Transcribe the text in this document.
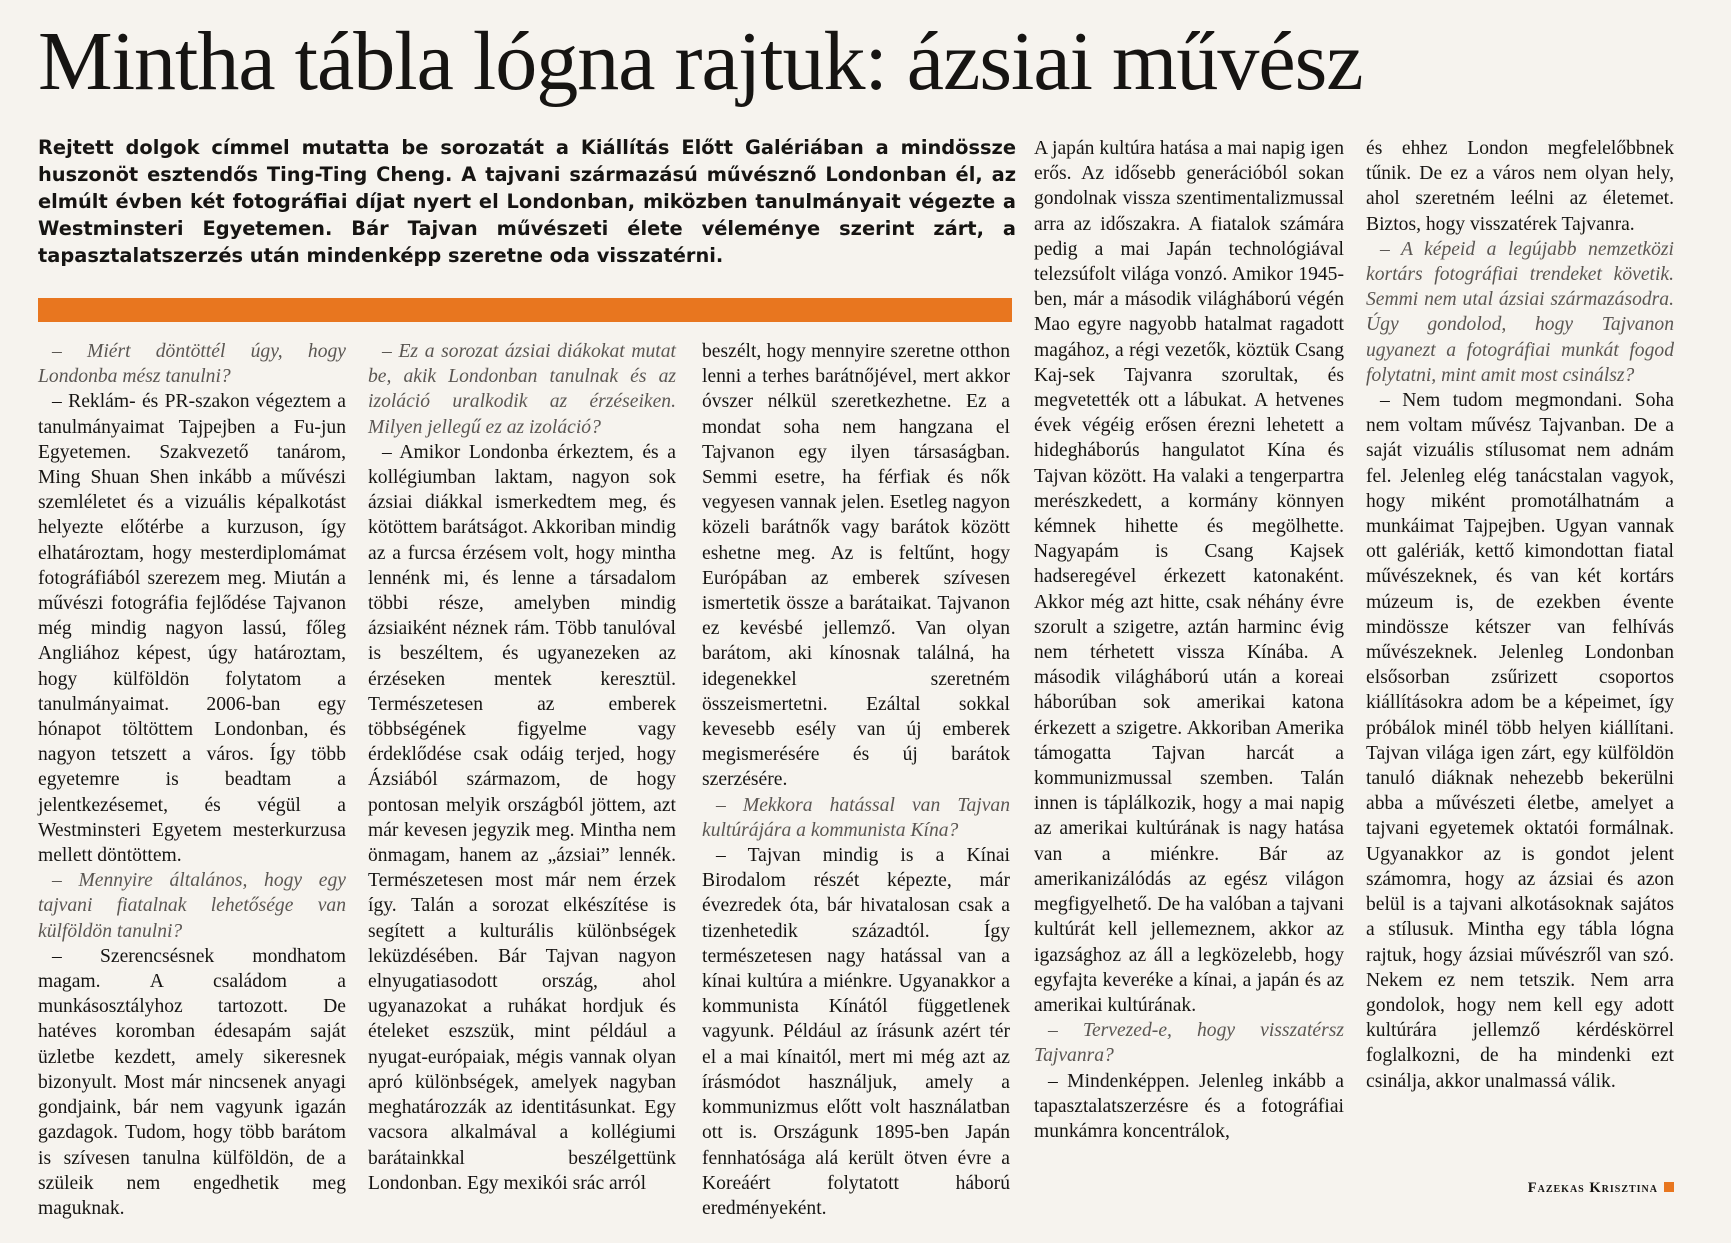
Mintha tábla lógna rajtuk: ázsiai művész

Rejtett dolgok címmel mutatta be sorozatát a Kiállítás Előtt Galériában a mindössze huszonöt esztendős Ting-Ting Cheng. A tajvani származású művésznő Londonban él, az elmúlt évben két fotográfiai díjat nyert el Londonban, miközben tanulmányait végezte a Westminsteri Egyetemen. Bár Tajvan művészeti élete véleménye szerint zárt, a tapasztalatszerzés után mindenképp szeretne oda visszatérni.

– Miért döntöttél úgy, hogy Londonba mész tanulni?

– Reklám- és PR-szakon végeztem a tanulmányaimat Tajpejben a Fu-jun Egyetemen. Szakvezető tanárom, Ming Shuan Shen inkább a művészi szemléletet és a vizuális képalkotást helyezte előtérbe a kurzuson, így elhatároztam, hogy mesterdiplomámat fotográfiából szerezem meg. Miután a művészi fotográfia fejlődése Tajvanon még mindig nagyon lassú, főleg Angliához képest, úgy határoztam, hogy külföldön folytatom a tanulmányaimat. 2006-ban egy hónapot töltöttem Londonban, és nagyon tetszett a város. Így több egyetemre is beadtam a jelentkezésemet, és végül a Westminsteri Egyetem mesterkurzusa mellett döntöttem.

– Mennyire általános, hogy egy tajvani fiatalnak lehetősége van külföldön tanulni?

– Szerencsésnek mondhatom magam. A családom a munkásosztályhoz tartozott. De hatéves koromban édesapám saját üzletbe kezdett, amely sikeresnek bizonyult. Most már nincsenek anyagi gondjaink, bár nem vagyunk igazán gazdagok. Tudom, hogy több barátom is szívesen tanulna külföldön, de a szüleik nem engedhetik meg maguknak.

– Ez a sorozat ázsiai diákokat mutat be, akik Londonban tanulnak és az izoláció uralkodik az érzéseiken. Milyen jellegű ez az izoláció?

– Amikor Londonba érkeztem, és a kollégiumban laktam, nagyon sok ázsiai diákkal ismerkedtem meg, és kötöttem barátságot. Akkoriban mindig az a furcsa érzésem volt, hogy mintha lennénk mi, és lenne a társadalom többi része, amelyben mindig ázsiaiként néznek rám. Több tanulóval is beszéltem, és ugyanezeken az érzéseken mentek keresztül. Természetesen az emberek többségének figyelme vagy érdeklődése csak odáig terjed, hogy Ázsiából származom, de hogy pontosan melyik országból jöttem, azt már kevesen jegyzik meg. Mintha nem önmagam, hanem az „ázsiai” lennék. Természetesen most már nem érzek így. Talán a sorozat elkészítése is segített a kulturális különbségek leküzdésében. Bár Tajvan nagyon elnyugatiasodott ország, ahol ugyanazokat a ruhákat hordjuk és ételeket eszszük, mint például a nyugat-európaiak, mégis vannak olyan apró különbségek, amelyek nagyban meghatározzák az identitásunkat. Egy vacsora alkalmával a kollégiumi barátainkkal beszélgettünk Londonban. Egy mexikói srác arról

beszélt, hogy mennyire szeretne otthon lenni a terhes barátnőjével, mert akkor óvszer nélkül szeretkezhetne. Ez a mondat soha nem hangzana el Tajvanon egy ilyen társaságban. Semmi esetre, ha férfiak és nők vegyesen vannak jelen. Esetleg nagyon közeli barátnők vagy barátok között eshetne meg. Az is feltűnt, hogy Európában az emberek szívesen ismertetik össze a barátaikat. Tajvanon ez kevésbé jellemző. Van olyan barátom, aki kínosnak találná, ha idegenekkel szeretném összeismertetni. Ezáltal sokkal kevesebb esély van új emberek megismerésére és új barátok szerzésére.

– Mekkora hatással van Tajvan kultúrájára a kommunista Kína?

– Tajvan mindig is a Kínai Birodalom részét képezte, már évezredek óta, bár hivatalosan csak a tizenhetedik századtól. Így természetesen nagy hatással van a kínai kultúra a miénkre. Ugyanakkor a kommunista Kínától függetlenek vagyunk. Például az írásunk azért tér el a mai kínaitól, mert mi még azt az írásmódot használjuk, amely a kommunizmus előtt volt használatban ott is. Országunk 1895-ben Japán fennhatósága alá került ötven évre a Koreáért folytatott háború eredményeként.

A japán kultúra hatása a mai napig igen erős. Az idősebb generációból sokan gondolnak vissza szentimentalizmussal arra az időszakra. A fiatalok számára pedig a mai Japán technológiával telezsúfolt világa vonzó. Amikor 1945-ben, már a második világháború végén Mao egyre nagyobb hatalmat ragadott magához, a régi vezetők, köztük Csang Kaj-sek Tajvanra szorultak, és megvetették ott a lábukat. A hetvenes évek végéig erősen érezni lehetett a hidegháborús hangulatot Kína és Tajvan között. Ha valaki a tengerpartra merészkedett, a kormány könnyen kémnek hihette és megölhette. Nagyapám is Csang Kajsek hadseregével érkezett katonaként. Akkor még azt hitte, csak néhány évre szorult a szigetre, aztán harminc évig nem térhetett vissza Kínába. A második világháború után a koreai háborúban sok amerikai katona érkezett a szigetre. Akkoriban Amerika támogatta Tajvan harcát a kommunizmussal szemben. Talán innen is táplálkozik, hogy a mai napig az amerikai kultúrának is nagy hatása van a miénkre. Bár az amerikanizálódás az egész világon megfigyelhető. De ha valóban a tajvani kultúrát kell jellemeznem, akkor az igazsághoz az áll a legközelebb, hogy egyfajta keveréke a kínai, a japán és az amerikai kultúrának.

– Tervezed-e, hogy visszatérsz Tajvanra?

– Mindenképpen. Jelenleg inkább a tapasztalatszerzésre és a fotográfiai munkámra koncentrálok,

és ehhez London megfelelőbbnek tűnik. De ez a város nem olyan hely, ahol szeretném leélni az életemet. Biztos, hogy visszatérek Tajvanra.

– A képeid a legújabb nemzetközi kortárs fotográfiai trendeket követik. Semmi nem utal ázsiai származásodra. Úgy gondolod, hogy Tajvanon ugyanezt a fotográfiai munkát fogod folytatni, mint amit most csinálsz?

– Nem tudom megmondani. Soha nem voltam művész Tajvanban. De a saját vizuális stílusomat nem adnám fel. Jelenleg elég tanácstalan vagyok, hogy miként promotálhatnám a munkáimat Tajpejben. Ugyan vannak ott galériák, kettő kimondottan fiatal művészeknek, és van két kortárs múzeum is, de ezekben évente mindössze kétszer van felhívás művészeknek. Jelenleg Londonban elsősorban zsűrizett csoportos kiállításokra adom be a képeimet, így próbálok minél több helyen kiállítani. Tajvan világa igen zárt, egy külföldön tanuló diáknak nehezebb bekerülni abba a művészeti életbe, amelyet a tajvani egyetemek oktatói formálnak. Ugyanakkor az is gondot jelent számomra, hogy az ázsiai és azon belül is a tajvani alkotásoknak sajátos a stílusuk. Mintha egy tábla lógna rajtuk, hogy ázsiai művészről van szó. Nekem ez nem tetszik. Nem arra gondolok, hogy nem kell egy adott kultúrára jellemző kérdéskörrel foglalkozni, de ha mindenki ezt csinálja, akkor unalmassá válik.

Fazekas Krisztina
